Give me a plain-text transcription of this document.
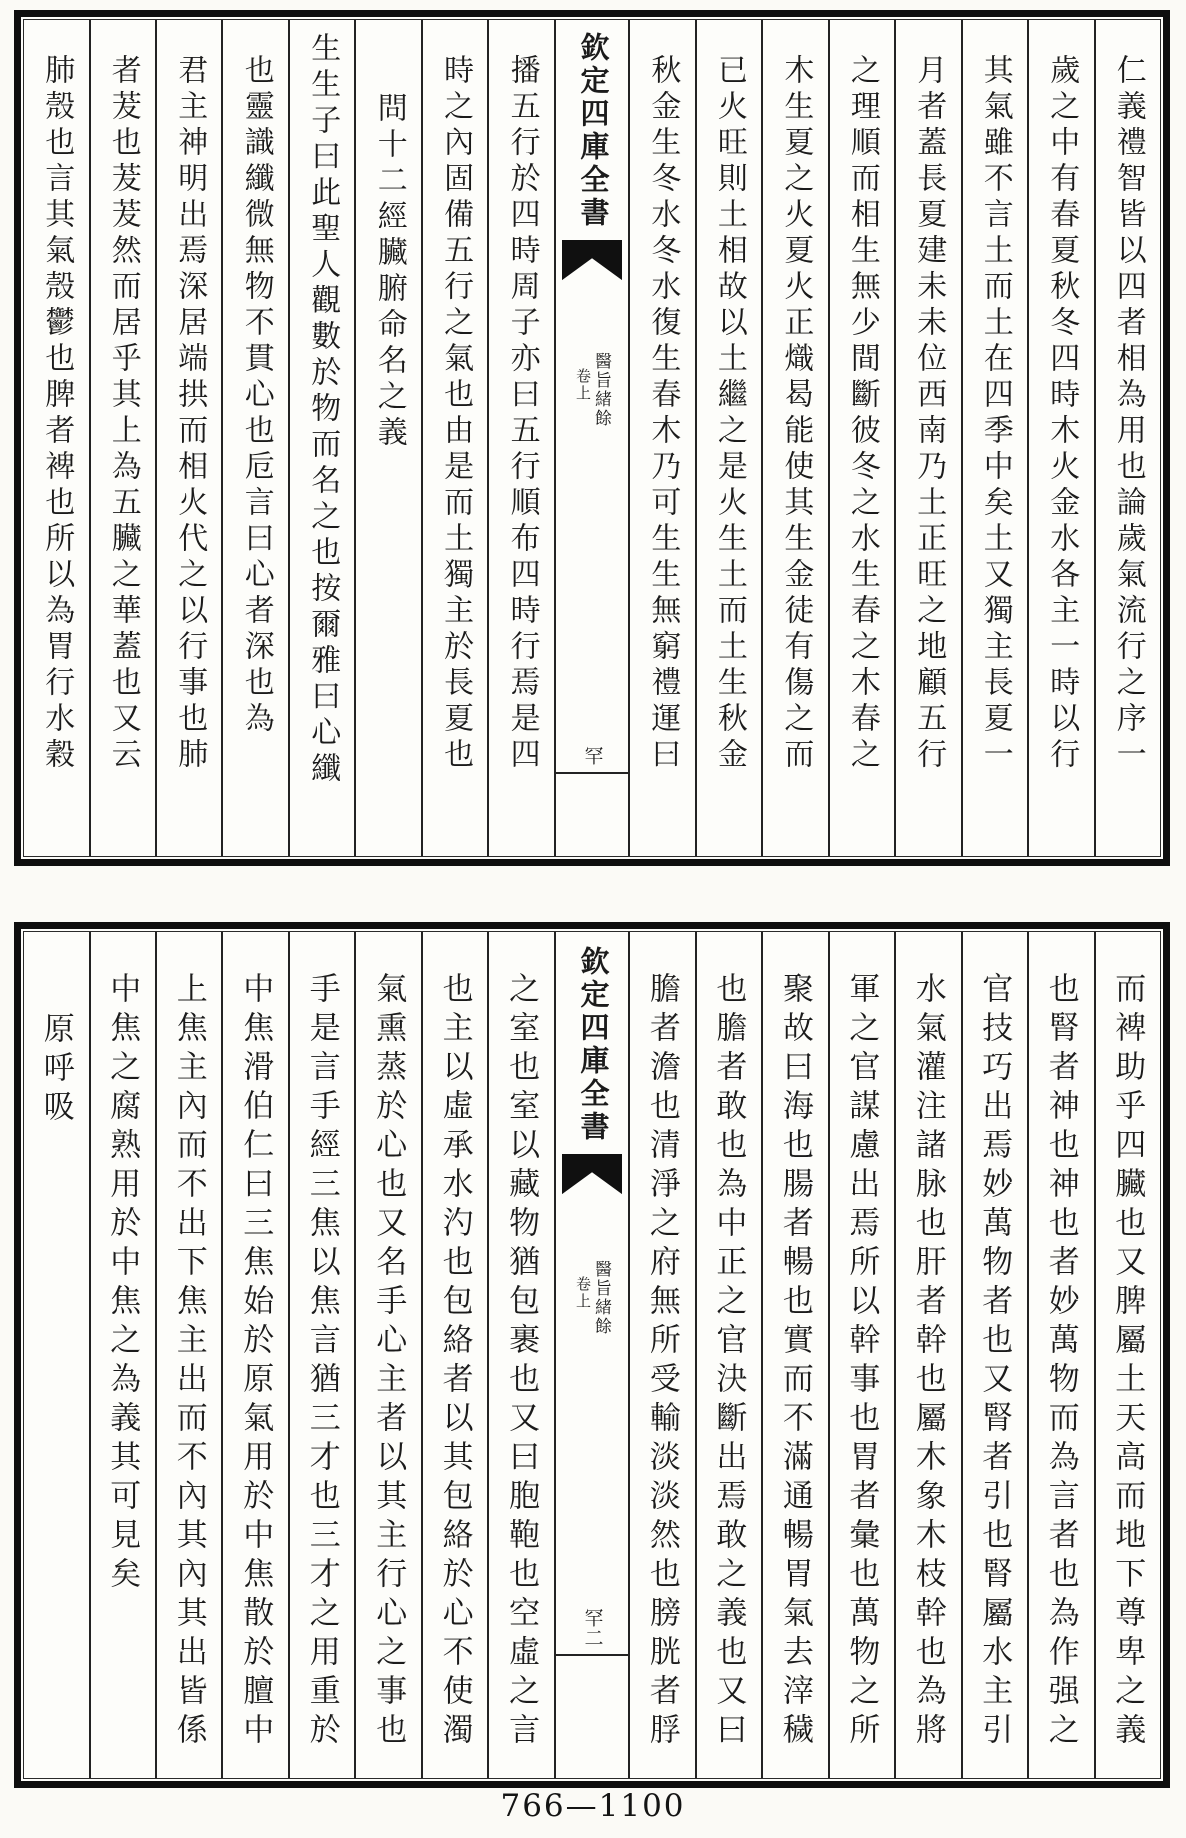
仁義禮智皆以四者相為用也論歲氣流行之序一
歲之中有春夏秋冬四時木火金水各主一時以行
其氣雖不言土而土在四季中矣土又獨主長夏一
月者蓋長夏建未未位西南乃土正旺之地顧五行
之理順而相生無少間斷彼冬之水生春之木春之
木生夏之火夏火正熾曷能使其生金徒有傷之而
已火旺則土相故以土繼之是火生土而土生秋金
秋金生冬水冬水復生春木乃可生生無窮禮運曰
欽定四庫全書
醫旨緒餘
卷上
罕
播五行於四時周子亦曰五行順布四時行焉是四
時之內固備五行之氣也由是而土獨主於長夏也
問十二經臟腑命名之義
生生子曰此聖人觀數於物而名之也按爾雅曰心纖
也靈識纖微無物不貫心也卮言曰心者深也為
君主神明出焉深居端拱而相火代之以行事也肺
者茇也茇茇然而居乎其上為五臟之華蓋也又云
肺殼也言其氣殼鬱也脾者裨也所以為胃行水穀
而裨助乎四臟也又脾屬土天高而地下尊卑之義
也腎者神也神也者妙萬物而為言者也為作强之
官技巧出焉妙萬物者也又腎者引也腎屬水主引
水氣灌注諸脉也肝者幹也屬木象木枝幹也為將
軍之官謀慮出焉所以幹事也胃者彙也萬物之所
聚故曰海也腸者暢也實而不滿通暢胃氣去滓穢
也膽者敢也為中正之官決斷出焉敢之義也又曰
膽者澹也清淨之府無所受輸淡淡然也膀胱者脬
欽定四庫全書
醫旨緒餘
卷上
罕二
之室也室以藏物猶包裹也又曰胞鞄也空虛之言
也主以虛承水汋也包絡者以其包絡於心不使濁
氣熏蒸於心也又名手心主者以其主行心之事也
手是言手經三焦以焦言猶三才也三才之用重於
中焦滑伯仁曰三焦始於原氣用於中焦散於膻中
上焦主內而不出下焦主出而不內其內其出皆係
中焦之腐熟用於中焦之為義其可見矣
原呼吸
766—1100
